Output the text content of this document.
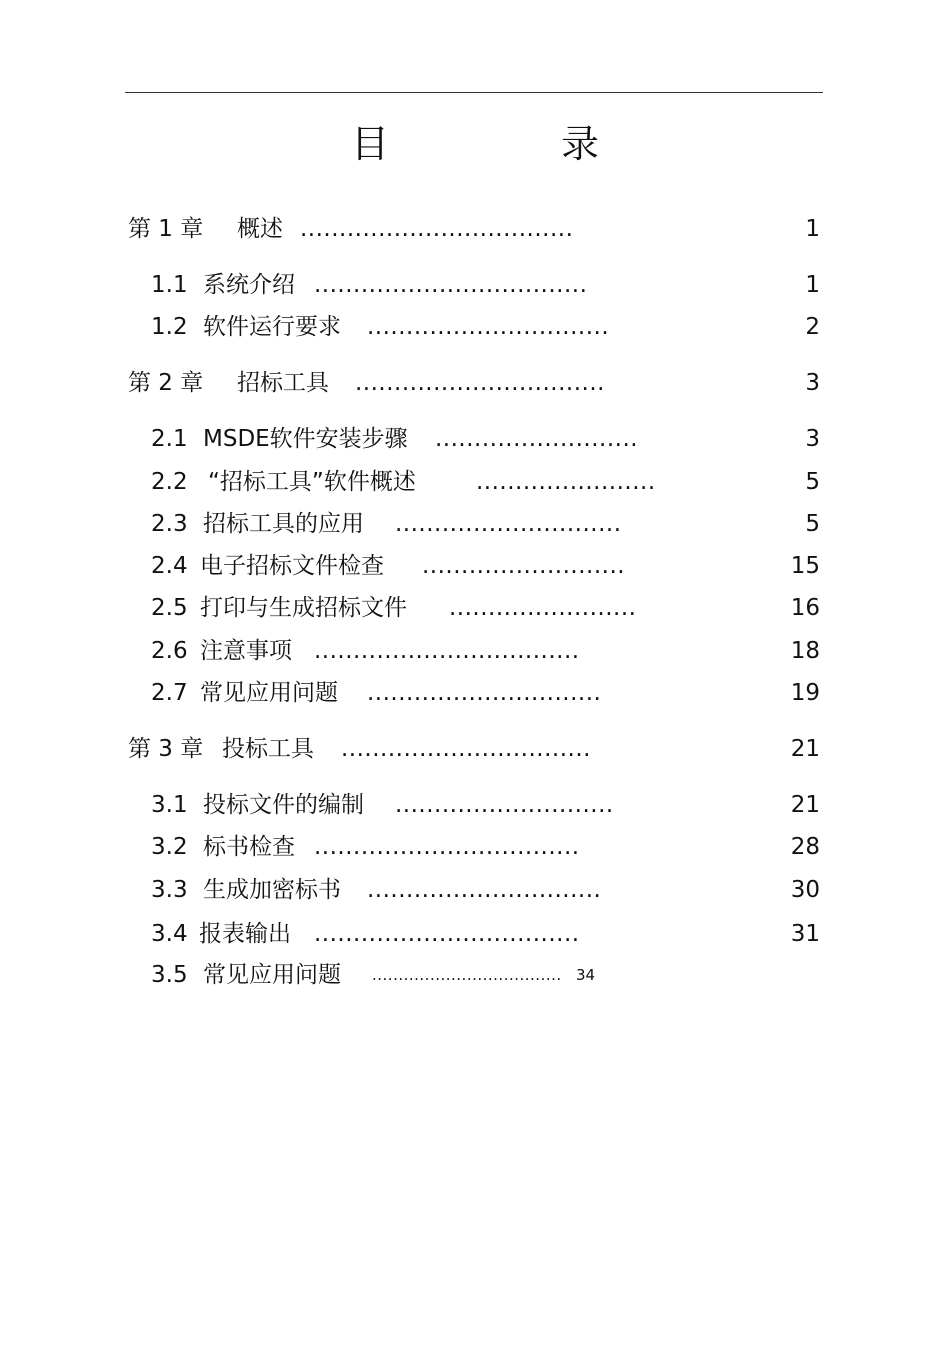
目 录
第 1 章 概述 ...................................	1
1.1 系统介绍 ...................................	1
1.2 软件运行要求 ...............................	2
第 2 章 招标工具 ................................	3
2.1 MSDE软件安装步骤 ..........................	3
2.2 “招标工具”软件概述	.......................	5
2.3 招标工具的应用 .............................	5
2.4 电子招标文件检查 ..........................	15
2.5 打印与生成招标文件 ........................	16
2.6 注意事项 ..................................	18
2.7 常见应用问题 ..............................	19
第 3 章 投标工具 ................................	21
3.1 投标文件的编制 ............................	21
3.2 标书检查 ..................................	28
3.3 生成加密标书 ..............................	30
3.4 报表输出 ..................................	31
3.5 常见应用问题 .................................... 34
